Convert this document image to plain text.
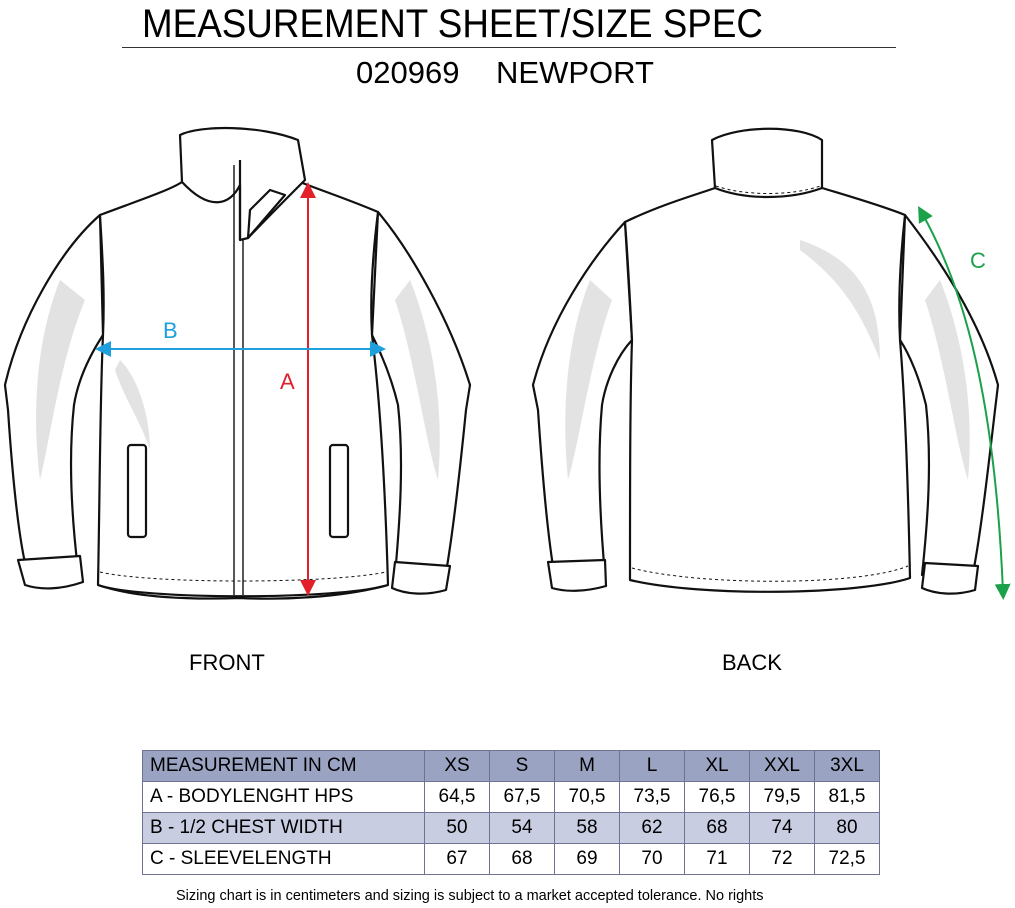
MEASUREMENT SHEET/SIZE SPEC
020969 NEWPORT
A
B
C
FRONT	BACK
MEASUREMENT IN CM	XS	S	M	L	XL	XXL	3XL
A - BODYLENGHT HPS	64,5	67,5	70,5	73,5	76,5	79,5	81,5
B - 1/2 CHEST WIDTH	50	54	58	62	68	74	80
C - SLEEVELENGTH	67	68	69	70	71	72	72,5
Sizing chart is in centimeters and sizing is subject to a market accepted tolerance. No rights
